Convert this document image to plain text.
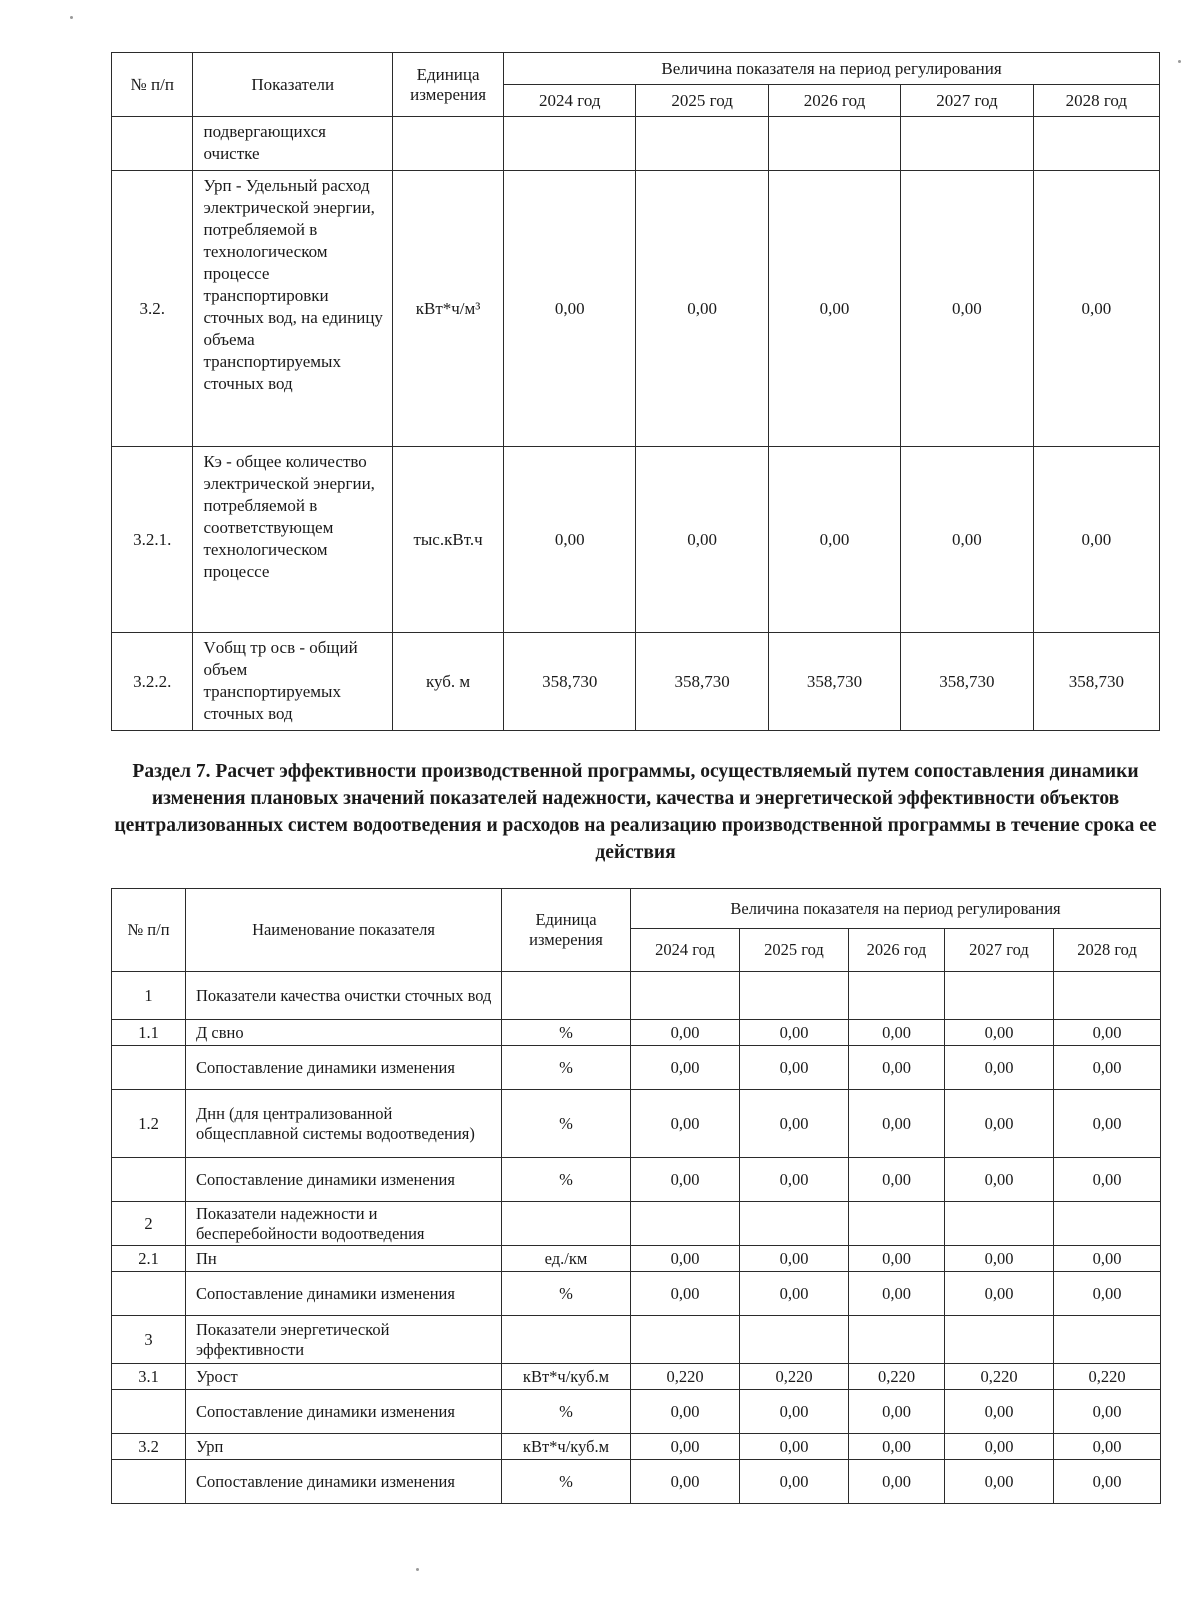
№ п/п	Показатели	Единица измерения	Величина показателя на период регулирования				
			2024 год	2025 год	2026 год	2027 год	2028 год
	подвергающихся очистке						
3.2.	Урп - Удельный расход электрической энергии, потребляемой в технологическом процессе транспортировки сточных вод, на единицу объема транспортируемых сточных вод	кВт*ч/м³	0,00	0,00	0,00	0,00	0,00
3.2.1.	Кэ - общее количество электрической энергии, потребляемой в соответствующем технологическом процессе	тыс.кВт.ч	0,00	0,00	0,00	0,00	0,00
3.2.2.	Vобщ тр осв - общий объем транспортируемых сточных вод	куб. м	358,730	358,730	358,730	358,730	358,730
Раздел 7. Расчет эффективности производственной программы, осуществляемый путем сопоставления динамики изменения плановых значений показателей надежности, качества и энергетической эффективности объектов централизованных систем водоотведения и расходов на реализацию производственной программы в течение срока ее действия
№ п/п	Наименование показателя	Единица измерения	Величина показателя на период регулирования				
			2024 год	2025 год	2026 год	2027 год	2028 год
1	Показатели качества очистки сточных вод						
1.1	Д свно	%	0,00	0,00	0,00	0,00	0,00
	Сопоставление динамики изменения	%	0,00	0,00	0,00	0,00	0,00
1.2	Днн (для централизованной общесплавной системы водоотведения)	%	0,00	0,00	0,00	0,00	0,00
	Сопоставление динамики изменения	%	0,00	0,00	0,00	0,00	0,00
2	Показатели надежности и бесперебойности водоотведения						
2.1	Пн	ед./км	0,00	0,00	0,00	0,00	0,00
	Сопоставление динамики изменения	%	0,00	0,00	0,00	0,00	0,00
3	Показатели энергетической эффективности						
3.1	Урост	кВт*ч/куб.м	0,220	0,220	0,220	0,220	0,220
	Сопоставление динамики изменения	%	0,00	0,00	0,00	0,00	0,00
3.2	Урп	кВт*ч/куб.м	0,00	0,00	0,00	0,00	0,00
	Сопоставление динамики изменения	%	0,00	0,00	0,00	0,00	0,00
